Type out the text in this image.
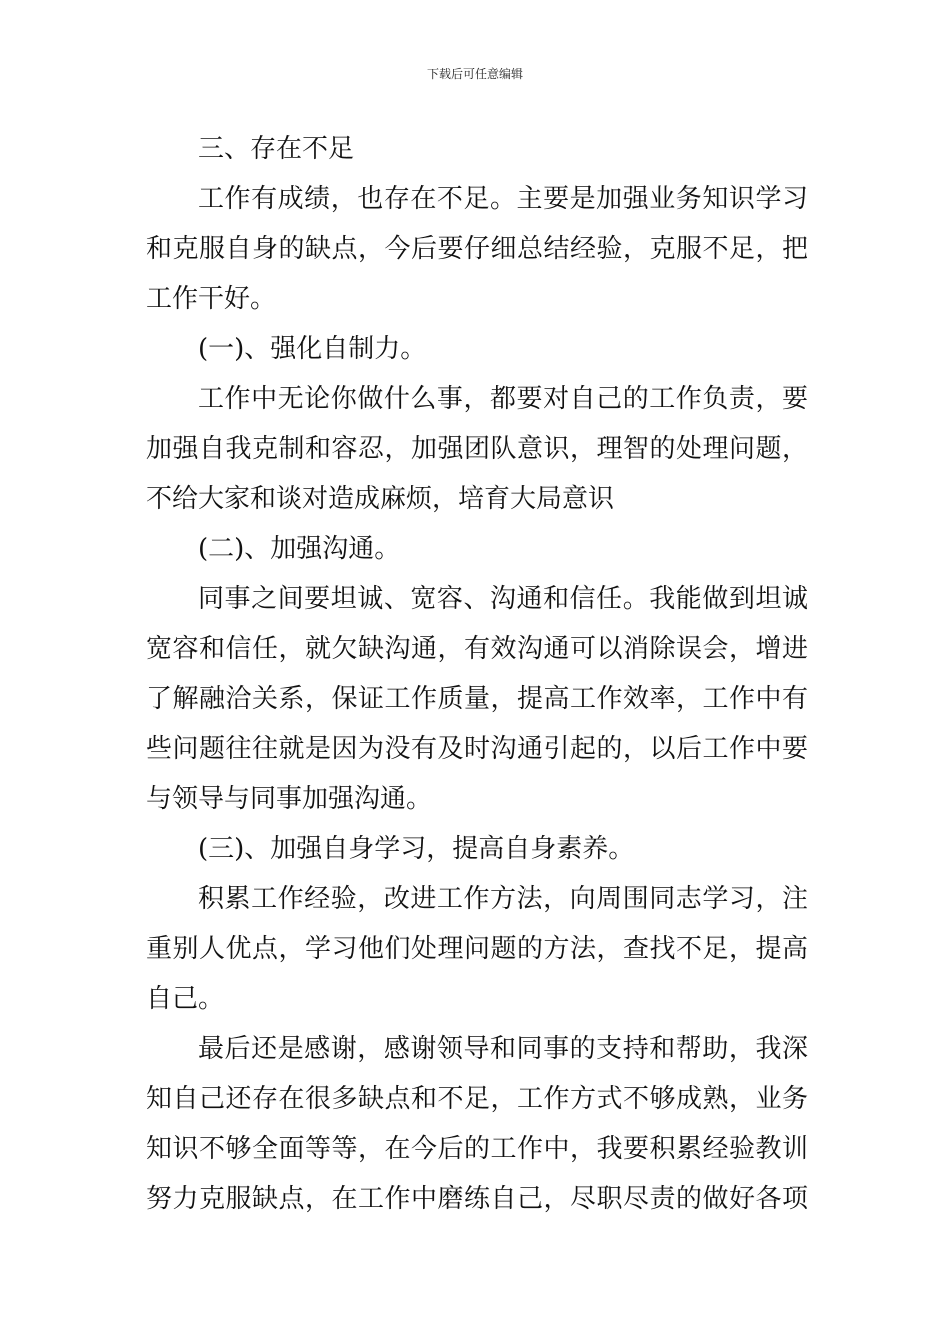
下载后可任意编辑
三、存在不足
工作有成绩，也存在不足。主要是加强业务知识学习
和克服自身的缺点，今后要仔细总结经验，克服不足，把
工作干好。
(一)、强化自制力。
工作中无论你做什么事，都要对自己的工作负责，要
加强自我克制和容忍，加强团队意识，理智的处理问题，
不给大家和谈对造成麻烦，培育大局意识
(二)、加强沟通。
同事之间要坦诚、宽容、沟通和信任。我能做到坦诚
宽容和信任，就欠缺沟通，有效沟通可以消除误会，增进
了解融洽关系，保证工作质量，提高工作效率，工作中有
些问题往往就是因为没有及时沟通引起的，以后工作中要
与领导与同事加强沟通。
(三)、加强自身学习，提高自身素养。
积累工作经验，改进工作方法，向周围同志学习，注
重别人优点，学习他们处理问题的方法，查找不足，提高
自己。
最后还是感谢，感谢领导和同事的支持和帮助，我深
知自己还存在很多缺点和不足，工作方式不够成熟，业务
知识不够全面等等，在今后的工作中，我要积累经验教训
努力克服缺点，在工作中磨练自己，尽职尽责的做好各项
